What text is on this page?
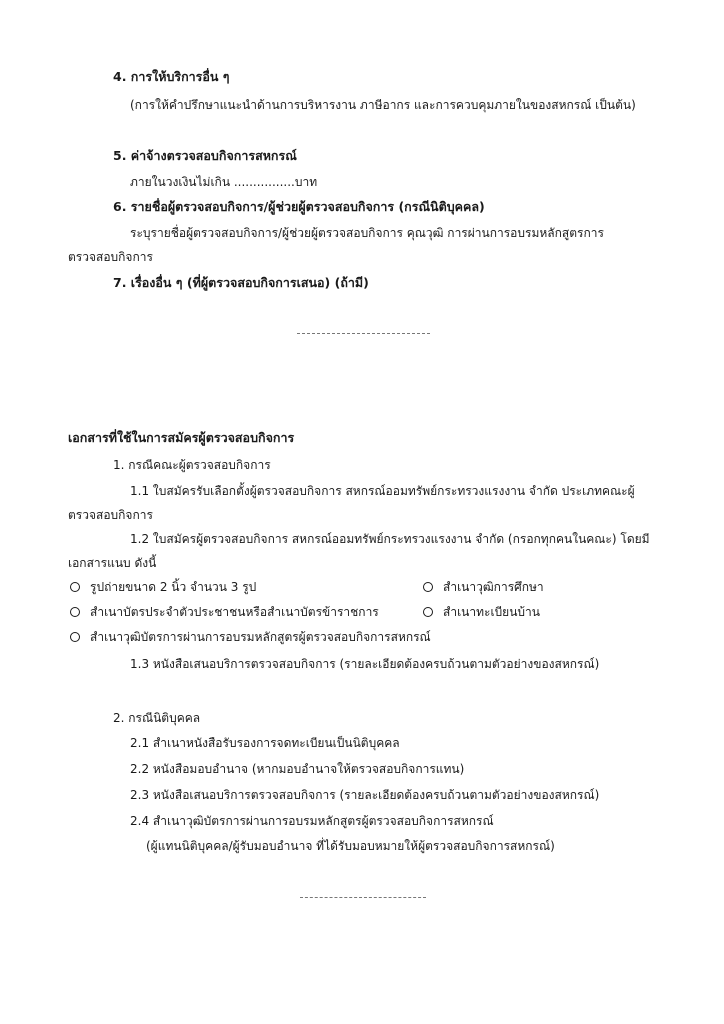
4. การให้บริการอื่น ๆ
(การให้คำปรึกษาแนะนำด้านการบริหารงาน ภาษีอากร และการควบคุมภายในของสหกรณ์ เป็นต้น)
5. ค่าจ้างตรวจสอบกิจการสหกรณ์
ภายในวงเงินไม่เกิน ................บาท
6. รายชื่อผู้ตรวจสอบกิจการ/ผู้ช่วยผู้ตรวจสอบกิจการ (กรณีนิติบุคคล)
ระบุรายชื่อผู้ตรวจสอบกิจการ/ผู้ช่วยผู้ตรวจสอบกิจการ คุณวุฒิ การผ่านการอบรมหลักสูตรการ
ตรวจสอบกิจการ
7. เรื่องอื่น ๆ (ที่ผู้ตรวจสอบกิจการเสนอ) (ถ้ามี)
เอกสารที่ใช้ในการสมัครผู้ตรวจสอบกิจการ
1. กรณีคณะผู้ตรวจสอบกิจการ
1.1 ใบสมัครรับเลือกตั้งผู้ตรวจสอบกิจการ สหกรณ์ออมทรัพย์กระทรวงแรงงาน จำกัด ประเภทคณะผู้
ตรวจสอบกิจการ
1.2 ใบสมัครผู้ตรวจสอบกิจการ สหกรณ์ออมทรัพย์กระทรวงแรงงาน จำกัด (กรอกทุกคนในคณะ) โดยมี
เอกสารแนบ ดังนี้
รูปถ่ายขนาด 2 นิ้ว จำนวน 3 รูป	สำเนาวุฒิการศึกษา
สำเนาบัตรประจำตัวประชาชนหรือสำเนาบัตรข้าราชการ	สำเนาทะเบียนบ้าน
สำเนาวุฒิบัตรการผ่านการอบรมหลักสูตรผู้ตรวจสอบกิจการสหกรณ์
1.3 หนังสือเสนอบริการตรวจสอบกิจการ (รายละเอียดต้องครบถ้วนตามตัวอย่างของสหกรณ์)
2. กรณีนิติบุคคล
2.1 สำเนาหนังสือรับรองการจดทะเบียนเป็นนิติบุคคล
2.2 หนังสือมอบอำนาจ (หากมอบอำนาจให้ตรวจสอบกิจการแทน)
2.3 หนังสือเสนอบริการตรวจสอบกิจการ (รายละเอียดต้องครบถ้วนตามตัวอย่างของสหกรณ์)
2.4 สำเนาวุฒิบัตรการผ่านการอบรมหลักสูตรผู้ตรวจสอบกิจการสหกรณ์
(ผู้แทนนิติบุคคล/ผู้รับมอบอำนาจ ที่ได้รับมอบหมายให้ผู้ตรวจสอบกิจการสหกรณ์)
